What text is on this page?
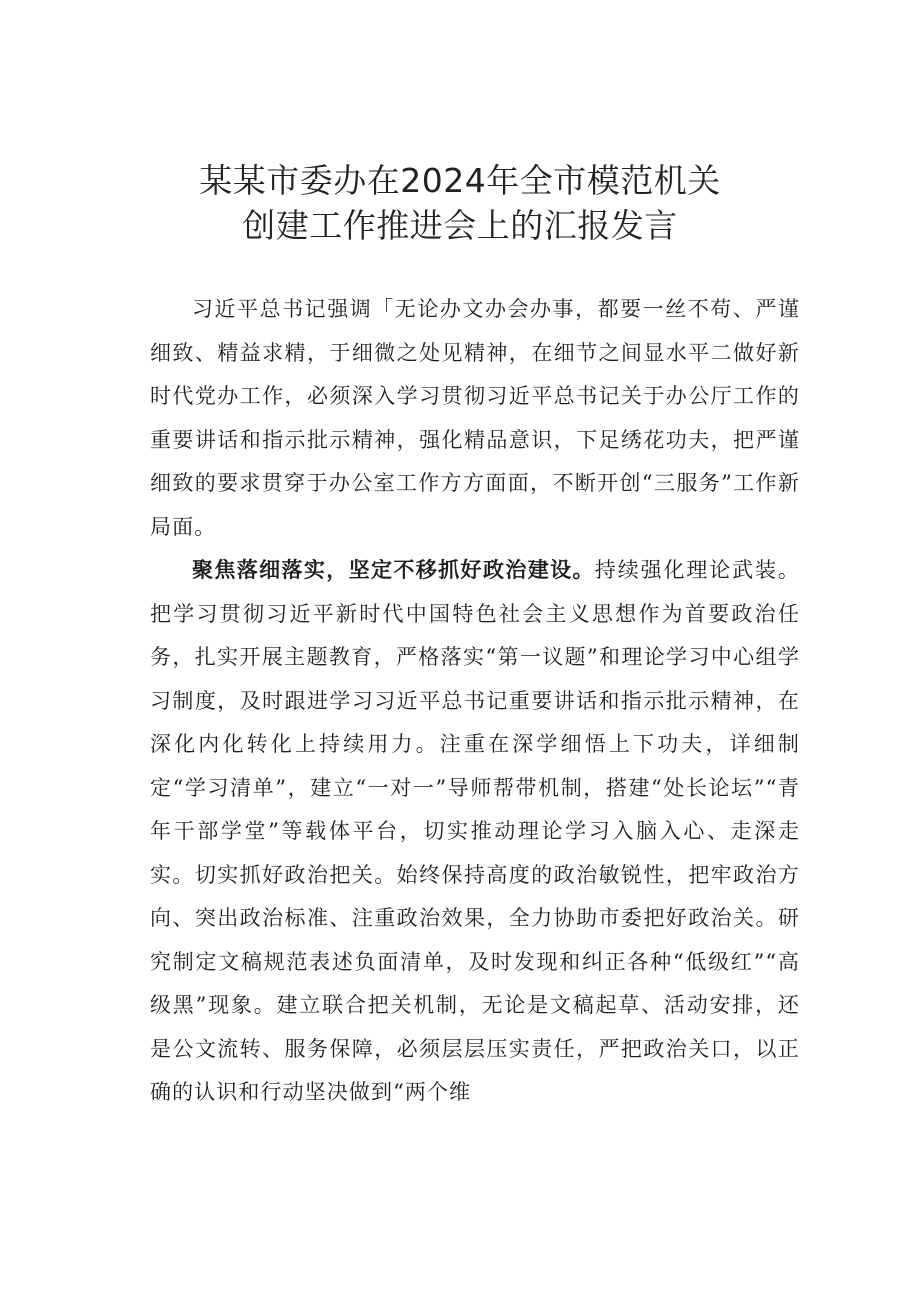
某某市委办在2024年全市模范机关
创建工作推进会上的汇报发言

习近平总书记强调「无论办文办会办事，都要一丝不苟、严谨细致、精益求精，于细微之处见精神，在细节之间显水平二做好新时代党办工作，必须深入学习贯彻习近平总书记关于办公厅工作的重要讲话和指示批示精神，强化精品意识，下足绣花功夫，把严谨细致的要求贯穿于办公室工作方方面面，不断开创“三服务”工作新局面。

聚焦落细落实，坚定不移抓好政治建设。持续强化理论武装。把学习贯彻习近平新时代中国特色社会主义思想作为首要政治任务，扎实开展主题教育，严格落实“第一议题”和理论学习中心组学习制度，及时跟进学习习近平总书记重要讲话和指示批示精神，在深化内化转化上持续用力。注重在深学细悟上下功夫，详细制定“学习清单”，建立“一对一”导师帮带机制，搭建“处长论坛”“青年干部学堂”等载体平台，切实推动理论学习入脑入心、走深走实。切实抓好政治把关。始终保持高度的政治敏锐性，把牢政治方向、突出政治标准、注重政治效果，全力协助市委把好政治关。研究制定文稿规范表述负面清单，及时发现和纠正各种“低级红”“高级黑”现象。建立联合把关机制，无论是文稿起草、活动安排，还是公文流转、服务保障，必须层层压实责任，严把政治关口，以正确的认识和行动坚决做到“两个维
